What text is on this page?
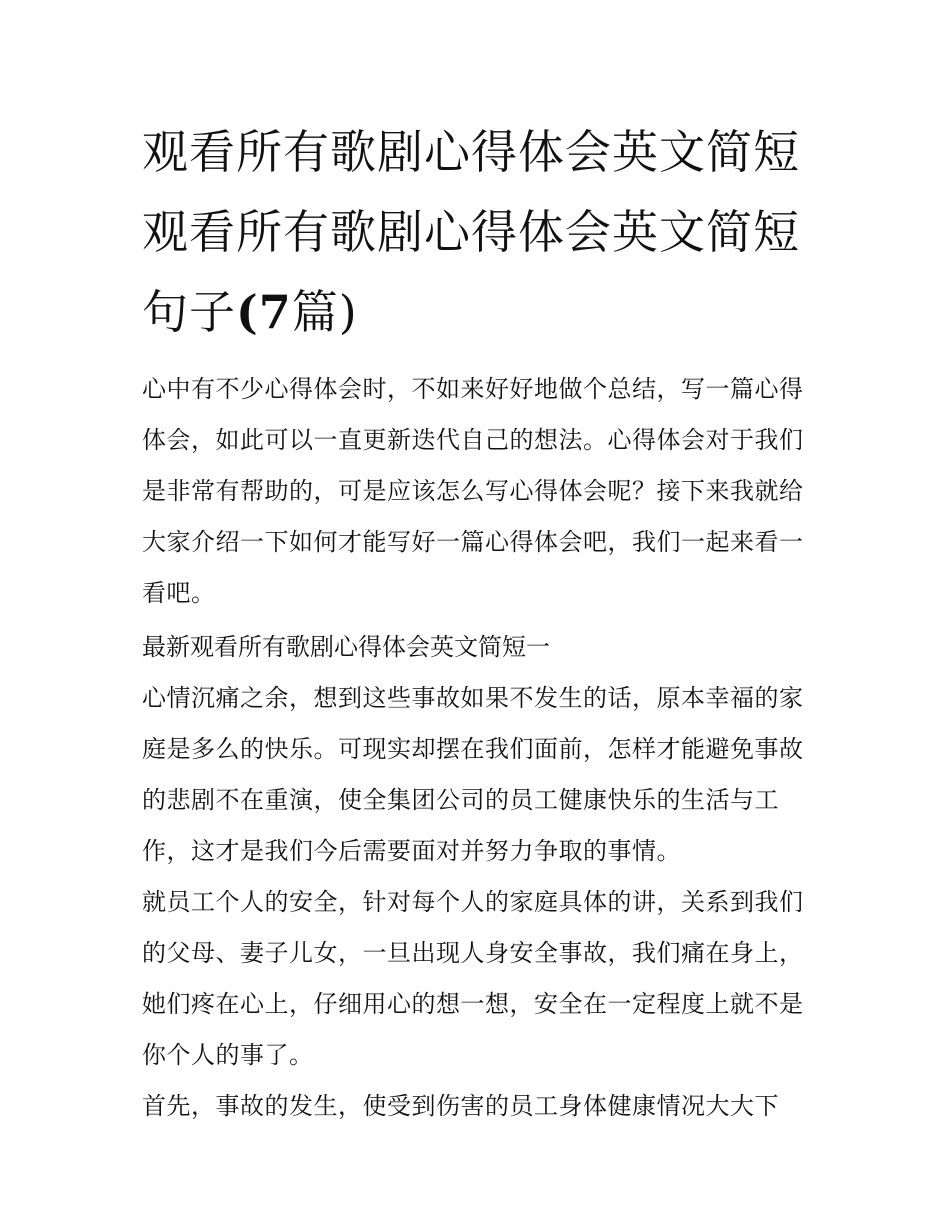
观看所有歌剧心得体会英文简短 观看所有歌剧心得体会英文简短句子(7篇)

心中有不少心得体会时，不如来好好地做个总结，写一篇心得体会，如此可以一直更新迭代自己的想法。心得体会对于我们是非常有帮助的，可是应该怎么写心得体会呢？接下来我就给大家介绍一下如何才能写好一篇心得体会吧，我们一起来看一看吧。

最新观看所有歌剧心得体会英文简短一

心情沉痛之余，想到这些事故如果不发生的话，原本幸福的家庭是多么的快乐。可现实却摆在我们面前，怎样才能避免事故的悲剧不在重演，使全集团公司的员工健康快乐的生活与工作，这才是我们今后需要面对并努力争取的事情。

就员工个人的安全，针对每个人的家庭具体的讲，关系到我们的父母、妻子儿女，一旦出现人身安全事故，我们痛在身上，她们疼在心上，仔细用心的想一想，安全在一定程度上就不是你个人的事了。

首先，事故的发生，使受到伤害的员工身体健康情况大大下
